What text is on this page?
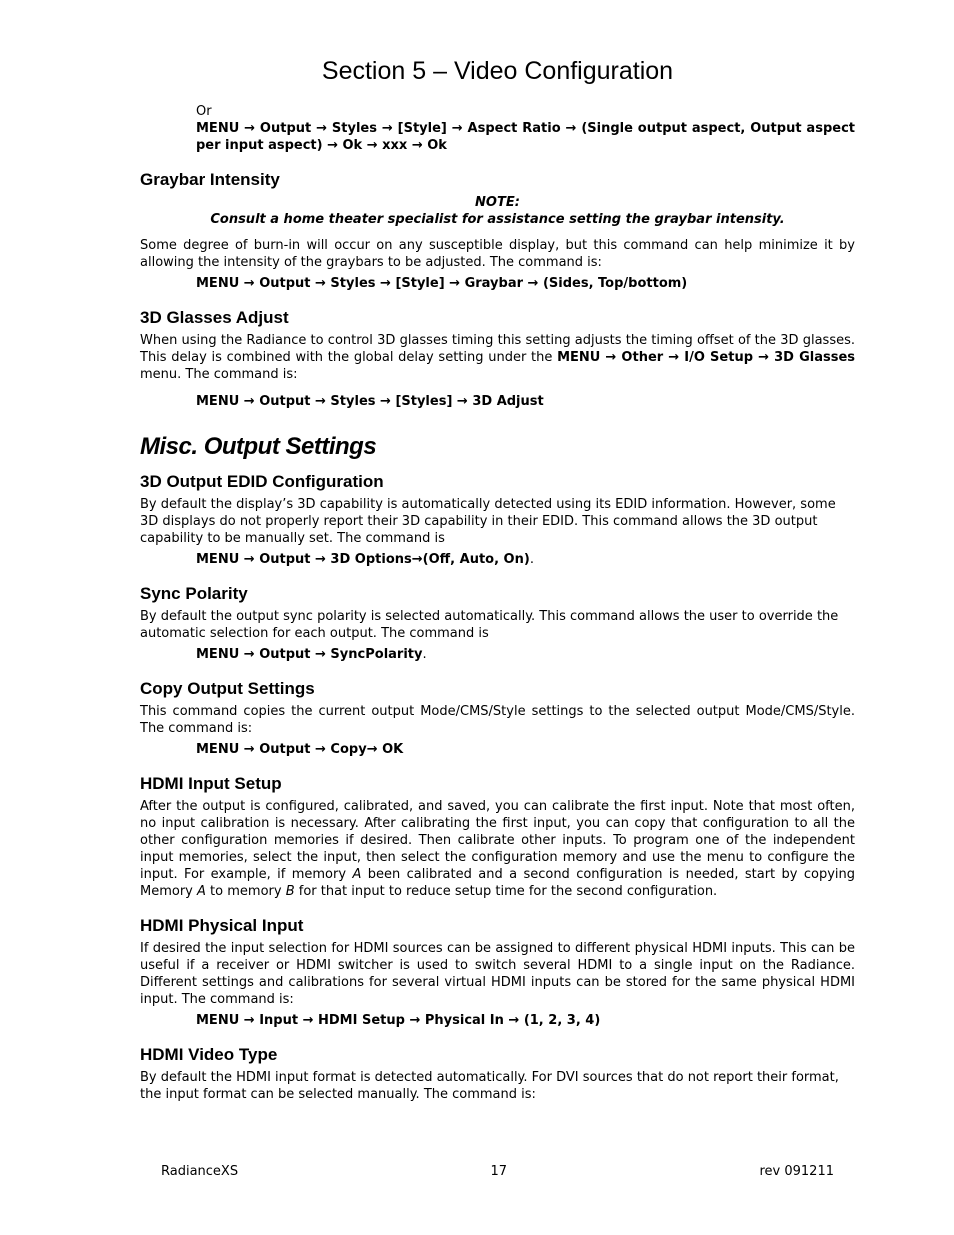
Section 5 – Video Configuration

Or

MENU → Output → Styles → [Style] → Aspect Ratio → (Single output aspect, Output aspect per input aspect) → Ok → xxx → Ok

Graybar Intensity
NOTE:
Consult a home theater specialist for assistance setting the graybar intensity.

Some degree of burn-in will occur on any susceptible display, but this command can help minimize it by allowing the intensity of the graybars to be adjusted. The command is:

MENU → Output → Styles → [Style] → Graybar → (Sides, Top/bottom)

3D Glasses Adjust

When using the Radiance to control 3D glasses timing this setting adjusts the timing offset of the 3D glasses. This delay is combined with the global delay setting under the MENU → Other → I/O Setup → 3D Glasses menu. The command is:

MENU → Output → Styles → [Styles] → 3D Adjust

Misc. Output Settings
3D Output EDID Configuration

By default the display’s 3D capability is automatically detected using its EDID information. However, some 3D displays do not properly report their 3D capability in their EDID. This command allows the 3D output capability to be manually set. The command is

MENU → Output → 3D Options→(Off, Auto, On).

Sync Polarity

By default the output sync polarity is selected automatically. This command allows the user to override the automatic selection for each output. The command is

MENU → Output → SyncPolarity.

Copy Output Settings

This command copies the current output Mode/CMS/Style settings to the selected output Mode/CMS/Style. The command is:

MENU → Output → Copy→ OK

HDMI Input Setup

After the output is configured, calibrated, and saved, you can calibrate the first input. Note that most often, no input calibration is necessary. After calibrating the first input, you can copy that configuration to all the other configuration memories if desired. Then calibrate other inputs. To program one of the independent input memories, select the input, then select the configuration memory and use the menu to configure the input. For example, if memory A been calibrated and a second configuration is needed, start by copying Memory A to memory B for that input to reduce setup time for the second configuration.

HDMI Physical Input

If desired the input selection for HDMI sources can be assigned to different physical HDMI inputs. This can be useful if a receiver or HDMI switcher is used to switch several HDMI to a single input on the Radiance. Different settings and calibrations for several virtual HDMI inputs can be stored for the same physical HDMI input. The command is:

MENU → Input → HDMI Setup → Physical In → (1, 2, 3, 4)

HDMI Video Type

By default the HDMI input format is detected automatically. For DVI sources that do not report their format, the input format can be selected manually. The command is:

RadianceXS	17	rev 091211
